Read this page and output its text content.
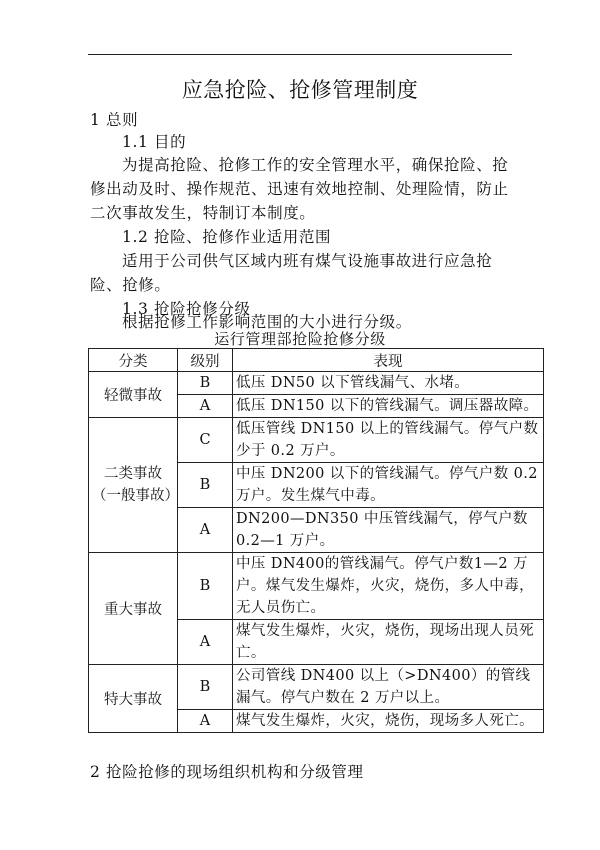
应急抢险、抢修管理制度
1 总则
1.1 目的
为提高抢险、抢修工作的安全管理水平，确保抢险、抢
修出动及时、操作规范、迅速有效地控制、处理险情，防止
二次事故发生，特制订本制度。
1.2 抢险、抢修作业适用范围
适用于公司供气区域内班有煤气设施事故进行应急抢
险、抢修。
1.3 抢险抢修分级
根据抢修工作影响范围的大小进行分级。
运行管理部抢险抢修分级
分类	级别	表现
轻微事故	B	低压 DN50 以下管线漏气、水堵。
	A	低压 DN150 以下的管线漏气。调压器故障。
二类事故
（一般事故）	C	低压管线 DN150 以上的管线漏气。停气户数少于 0.2 万户。
	B	中压 DN200 以下的管线漏气。停气户数 0.2 万户。发生煤气中毒。
	A	DN200—DN350 中压管线漏气，停气户数 0.2—1 万户。
重大事故	B	中压 DN400的管线漏气。停气户数1—2 万户。煤气发生爆炸，火灾，烧伤，多人中毒，无人员伤亡。
	A	煤气发生爆炸，火灾，烧伤，现场出现人员死亡。
特大事故	B	公司管线 DN400 以上（>DN400）的管线漏气。停气户数在 2 万户以上。
	A	煤气发生爆炸，火灾，烧伤，现场多人死亡。
2 抢险抢修的现场组织机构和分级管理
